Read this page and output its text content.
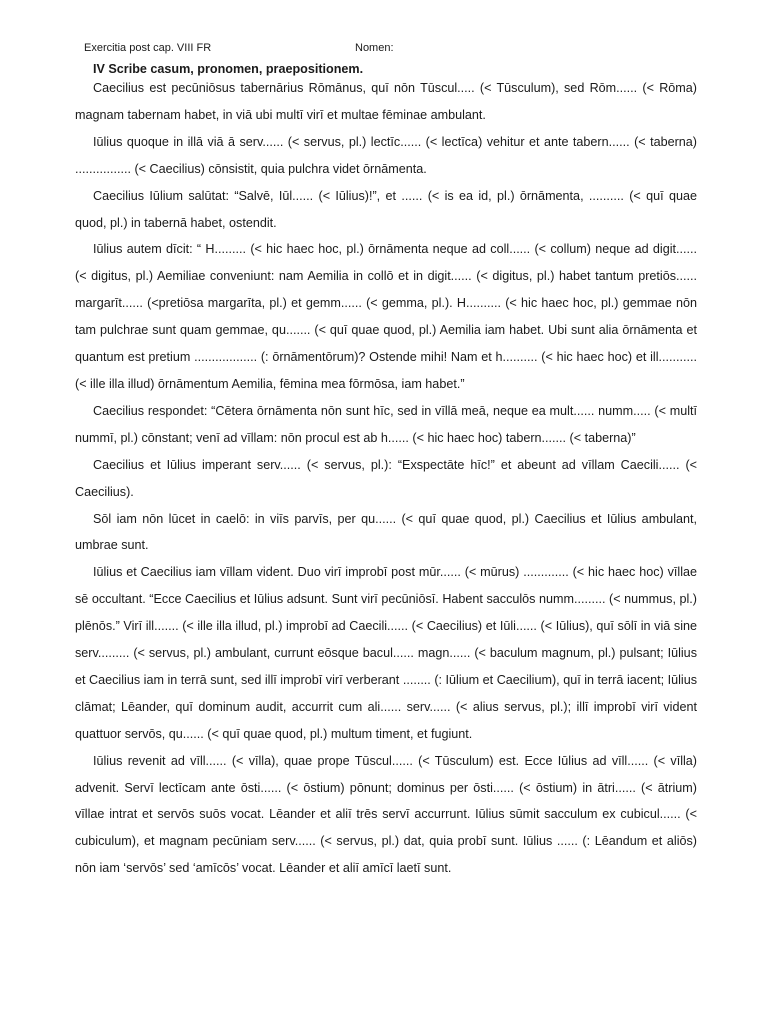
Exercitia post cap. VIII FR	Nomen:
IV Scribe casum, pronomen, praepositionem.

Caecilius est pecūniōsus tabernārius Rōmānus, quī nōn Tūscul..... (< Tūsculum), sed Rōm...... (< Rōma) magnam tabernam habet, in viā ubi multī virī et multae fēminae ambulant.

Iūlius quoque in illā viā ā serv...... (< servus, pl.) lectīc...... (< lectīca) vehitur et ante tabern...... (< taberna) ................ (< Caecilius) cōnsistit, quia pulchra videt ōrnāmenta.

Caecilius Iūlium salūtat: “Salvē, Iūl...... (< Iūlius)!”, et ...... (< is ea id, pl.) ōrnāmenta, .......... (< quī quae quod, pl.) in tabernā habet, ostendit.

Iūlius autem dīcit: “ H......... (< hic haec hoc, pl.) ōrnāmenta neque ad coll...... (< collum) neque ad digit...... (< digitus, pl.) Aemiliae conveniunt: nam Aemilia in collō et in digit...... (< digitus, pl.) habet tantum pretiōs...... margarīt...... (<pretiōsa margarīta, pl.) et gemm...... (< gemma, pl.). H.......... (< hic haec hoc, pl.) gemmae nōn tam pulchrae sunt quam gemmae, qu....... (< quī quae quod, pl.) Aemilia iam habet. Ubi sunt alia ōrnāmenta et quantum est pretium .................. (: ōrnāmentōrum)? Ostende mihi! Nam et h.......... (< hic haec hoc) et ill........... (< ille illa illud) ōrnāmentum Aemilia, fēmina mea fōrmōsa, iam habet.”

Caecilius respondet: “Cētera ōrnāmenta nōn sunt hīc, sed in vīllā meā, neque ea mult...... numm..... (< multī nummī, pl.) cōnstant; venī ad vīllam: nōn procul est ab h...... (< hic haec hoc) tabern....... (< taberna)”

Caecilius et Iūlius imperant serv...... (< servus, pl.): “Exspectāte hīc!” et abeunt ad vīllam Caecili...... (< Caecilius).

Sōl iam nōn lūcet in caelō: in viīs parvīs, per qu...... (< quī quae quod, pl.) Caecilius et Iūlius ambulant, umbrae sunt.

Iūlius et Caecilius iam vīllam vident. Duo virī improbī post mūr...... (< mūrus) ............. (< hic haec hoc) vīllae sē occultant. “Ecce Caecilius et Iūlius adsunt. Sunt virī pecūniōsī. Habent sacculōs numm......... (< nummus, pl.) plēnōs.” Virī ill....... (< ille illa illud, pl.) improbī ad Caecili...... (< Caecilius) et Iūli...... (< Iūlius), quī sōlī in viā sine serv......... (< servus, pl.) ambulant, currunt eōsque bacul...... magn...... (< baculum magnum, pl.) pulsant; Iūlius et Caecilius iam in terrā sunt, sed illī improbī virī verberant ........ (: Iūlium et Caecilium), quī in terrā iacent; Iūlius clāmat; Lēander, quī dominum audit, accurrit cum ali...... serv...... (< alius servus, pl.); illī improbī virī vident quattuor servōs, qu...... (< quī quae quod, pl.) multum timent, et fugiunt.

Iūlius revenit ad vīll...... (< vīlla), quae prope Tūscul...... (< Tūsculum) est. Ecce Iūlius ad vīll...... (< vīlla) advenit. Servī lectīcam ante ōsti...... (< ōstium) pōnunt; dominus per ōsti...... (< ōstium) in ātri...... (< ātrium) vīllae intrat et servōs suōs vocat. Lēander et aliī trēs servī accurrunt. Iūlius sūmit sacculum ex cubicul...... (< cubiculum), et magnam pecūniam serv...... (< servus, pl.) dat, quia probī sunt. Iūlius ...... (: Lēandum et aliōs) nōn iam ‘servōs’ sed ‘amīcōs’ vocat. Lēander et aliī amīcī laetī sunt.
